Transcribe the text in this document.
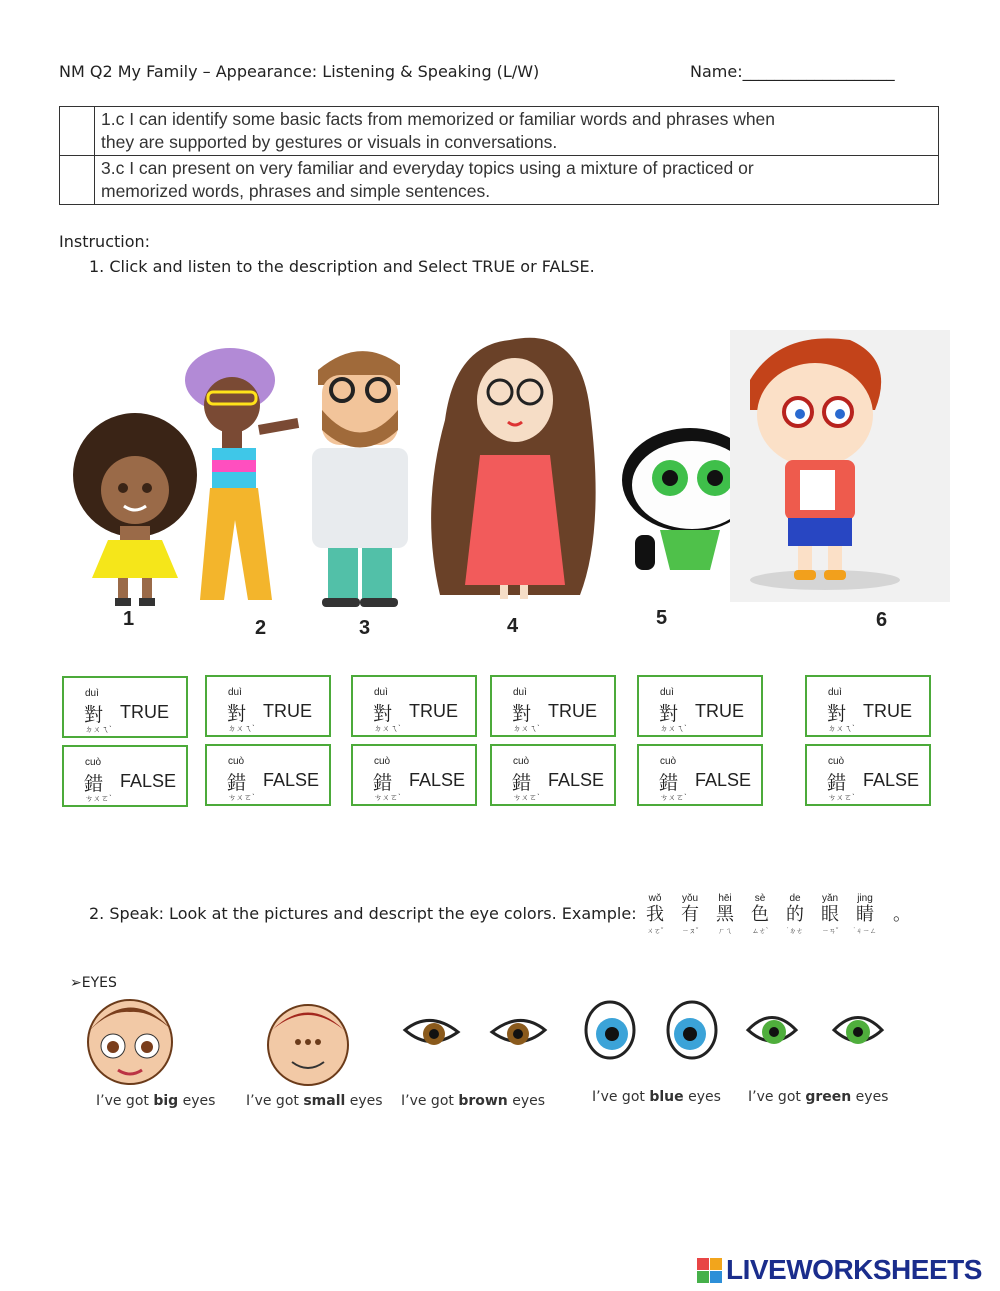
NM Q2 My Family – Appearance: Listening & Speaking (L/W)	Name:___________________
	1.c I can identify some basic facts from memorized or familiar words and phrases when
they are supported by gestures or visuals in conversations.
	3.c I can present on very familiar and everyday topics using a mixture of practiced or
memorized words, phrases and simple sentences.
Instruction:
1. Click and listen to the description and Select TRUE or FALSE.
1	2	3	4	5	6
duì
對
ㄉㄨㄟˋ
TRUE
duì
對
ㄉㄨㄟˋ
TRUE
duì
對
ㄉㄨㄟˋ
TRUE
duì
對
ㄉㄨㄟˋ
TRUE
duì
對
ㄉㄨㄟˋ
TRUE
duì
對
ㄉㄨㄟˋ
TRUE
cuò
錯
ㄘㄨㄛˋ
FALSE
cuò
錯
ㄘㄨㄛˋ
FALSE
cuò
錯
ㄘㄨㄛˋ
FALSE
cuò
錯
ㄘㄨㄛˋ
FALSE
cuò
錯
ㄘㄨㄛˋ
FALSE
cuò
錯
ㄘㄨㄛˋ
FALSE
2. Speak: Look at the pictures and descript the eye colors. Example:
wǒ
我
ㄨㄛˇ
yǒu
有
ㄧㄡˇ
hēi
黑
ㄏㄟ
sè
色
ㄙㄜˋ
de
的
˙ㄉㄜ
yǎn
眼
ㄧㄢˇ
jing
睛
˙ㄐㄧㄥ
。
➢EYES
I’ve got big eyes I’ve got small eyes I’ve got brown eyes	I’ve got blue eyes I’ve got green eyes
LIVEWORKSHEETS
